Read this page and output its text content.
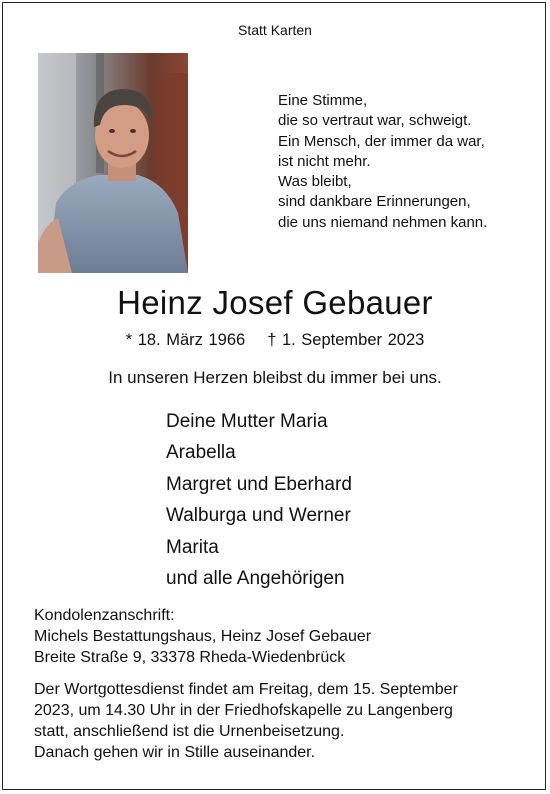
Statt Karten
Eine Stimme,
die so vertraut war, schweigt.
Ein Mensch, der immer da war,
ist nicht mehr.
Was bleibt,
sind dankbare Erinnerungen,
die uns niemand nehmen kann.
Heinz Josef Gebauer
* 18. März 1966 † 1. September 2023
In unseren Herzen bleibst du immer bei uns.
Deine Mutter Maria
Arabella
Margret und Eberhard
Walburga und Werner
Marita
und alle Angehörigen
Kondolenzanschrift:
Michels Bestattungshaus, Heinz Josef Gebauer
Breite Straße 9, 33378 Rheda-Wiedenbrück
Der Wortgottesdienst findet am Freitag, dem 15. September
2023, um 14.30 Uhr in der Friedhofskapelle zu Langenberg
statt, anschließend ist die Urnenbeisetzung.
Danach gehen wir in Stille auseinander.
